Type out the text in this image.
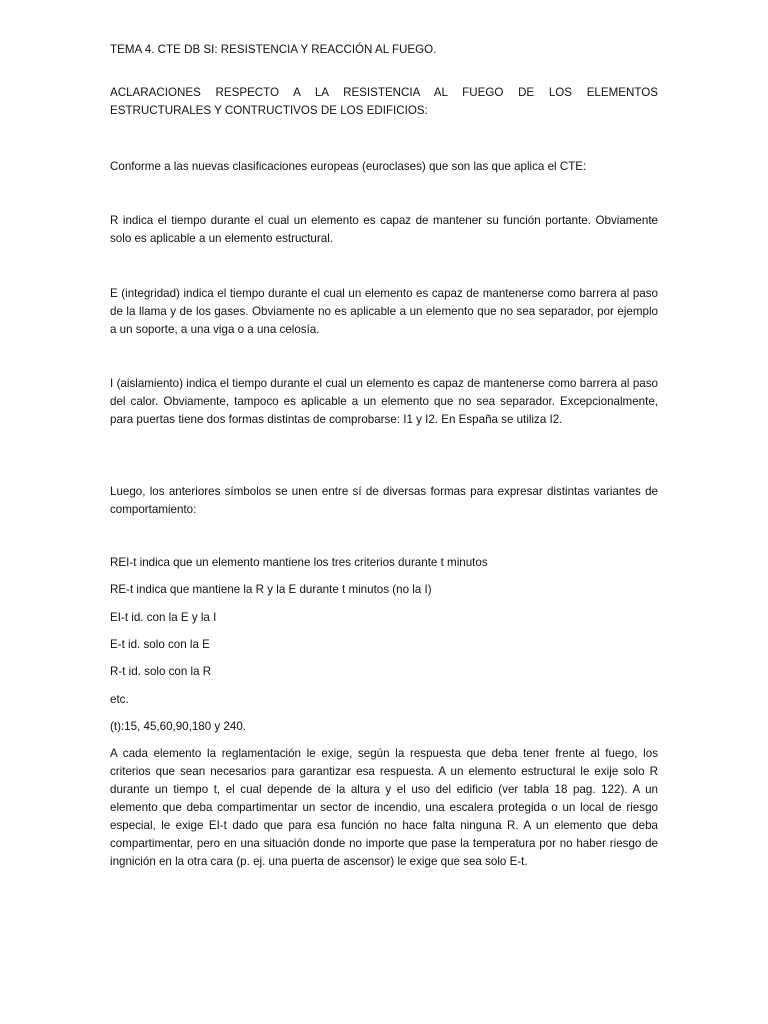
TEMA 4. CTE DB SI: RESISTENCIA Y REACCIÓN AL FUEGO.

ACLARACIONES RESPECTO A LA RESISTENCIA AL FUEGO DE LOS ELEMENTOS ESTRUCTURALES Y CONTRUCTIVOS DE LOS EDIFICIOS:

Conforme a las nuevas clasificaciones europeas (euroclases) que son las que aplica el CTE:

R indica el tiempo durante el cual un elemento es capaz de mantener su función portante. Obviamente solo es aplicable a un elemento estructural.

E (integridad) indica el tiempo durante el cual un elemento es capaz de mantenerse como barrera al paso de la llama y de los gases. Obviamente no es aplicable a un elemento que no sea separador, por ejemplo a un soporte, a una viga o a una celosía.

I (aislamiento) indica el tiempo durante el cual un elemento es capaz de mantenerse como barrera al paso del calor. Obviamente, tampoco es aplicable a un elemento que no sea separador. Excepcionalmente, para puertas tiene dos formas distintas de comprobarse: I1 y I2. En España se utiliza I2.

Luego, los anteriores símbolos se unen entre sí de diversas formas para expresar distintas variantes de comportamiento:

REI-t indica que un elemento mantiene los tres criterios durante t minutos

RE-t indica que mantiene la R y la E durante t minutos (no la I)

EI-t id. con la E y la I

E-t id. solo con la E

R-t id. solo con la R

etc.

(t):15, 45,60,90,180 y 240.

A cada elemento la reglamentación le exige, según la respuesta que deba tener frente al fuego, los criterios que sean necesarios para garantizar esa respuesta. A un elemento estructural le exije solo R durante un tiempo t, el cual depende de la altura y el uso del edificio (ver tabla 18 pag. 122). A un elemento que deba compartimentar un sector de incendio, una escalera protegida o un local de riesgo especial, le exige EI-t dado que para esa función no hace falta ninguna R. A un elemento que deba compartimentar, pero en una situación donde no importe que pase la temperatura por no haber riesgo de ingnición en la otra cara (p. ej. una puerta de ascensor) le exige que sea solo E-t.
